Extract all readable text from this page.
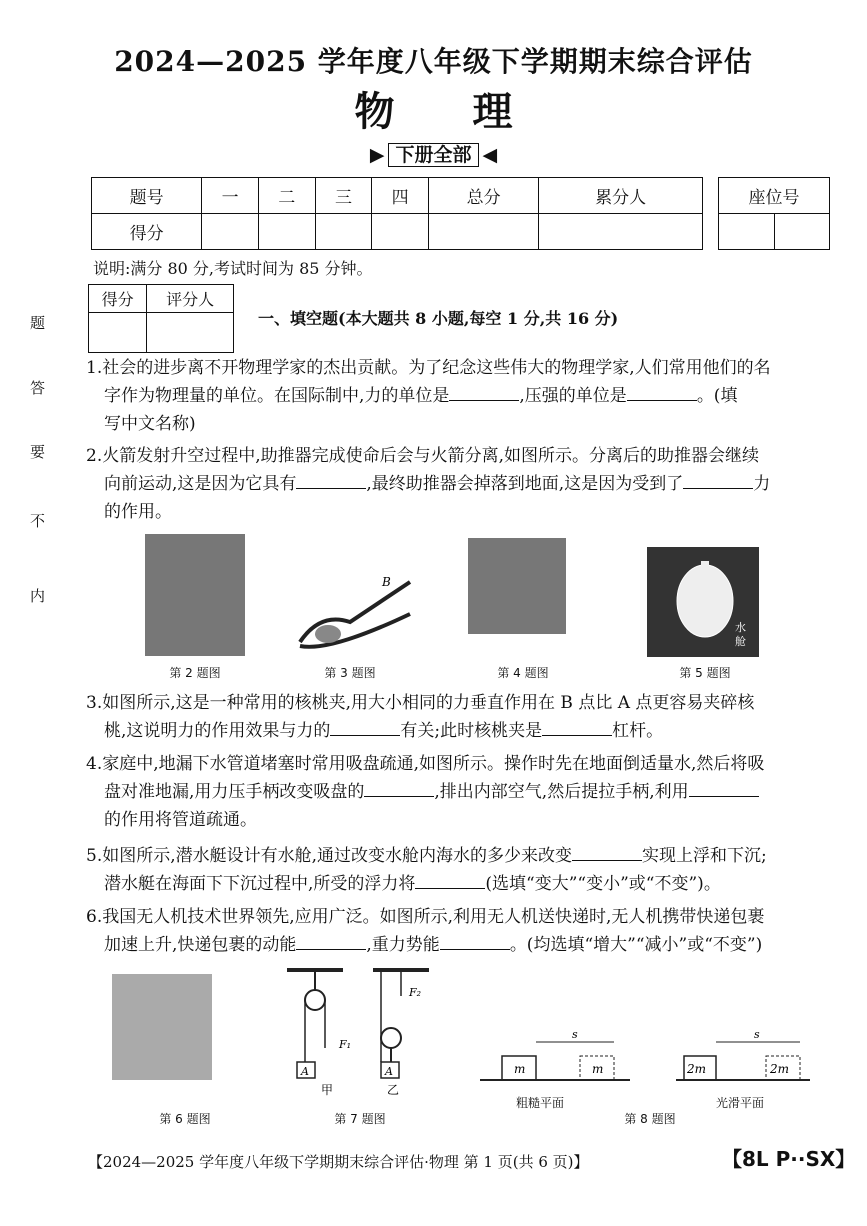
2024—2025 学年度八年级下学期期末综合评估
物理
▶ 下册全部 ◀
题号	一	二	三	四	总分	累分人
得分						
座位号

说明:满分 80 分,考试时间为 85 分钟。
得分	评分人

一、填空题(本大题共 8 小题,每空 1 分,共 16 分)
题
答
要
不
内
1.社会的进步离不开物理学家的杰出贡献。为了纪念这些伟大的物理学家,人们常用他们的名
字作为物理量的单位。在国际制中,力的单位是	,压强的单位是	。(填
写中文名称)
2.火箭发射升空过程中,助推器完成使命后会与火箭分离,如图所示。分离后的助推器会继续
向前运动,这是因为它具有	,最终助推器会掉落到地面,这是因为受到了	力
的作用。
B
水
舱
第 2 题图	第 3 题图	第 4 题图	第 5 题图
3.如图所示,这是一种常用的核桃夹,用大小相同的力垂直作用在 B 点比 A 点更容易夹碎核
桃,这说明力的作用效果与力的	有关;此时核桃夹是	杠杆。
4.家庭中,地漏下水管道堵塞时常用吸盘疏通,如图所示。操作时先在地面倒适量水,然后将吸
盘对准地漏,用力压手柄改变吸盘的	,排出内部空气,然后提拉手柄,利用
的作用将管道疏通。
5.如图所示,潜水艇设计有水舱,通过改变水舱内海水的多少来改变	实现上浮和下沉;
潜水艇在海面下下沉过程中,所受的浮力将	(选填“变大”“变小”或“不变”)。
6.我国无人机技术世界领先,应用广泛。如图所示,利用无人机送快递时,无人机携带快递包裹
加速上升,快递包裹的动能	,重力势能	。(均选填“增大”“减小”或“不变”)
A
F₁
A
F₂
甲	乙
m	m
s
2m	2m
s
粗糙平面	光滑平面
第 6 题图	第 7 题图	第 8 题图
【2024—2025 学年度八年级下学期期末综合评估·物理 第 1 页(共 6 页)】	【8L P··SX】
